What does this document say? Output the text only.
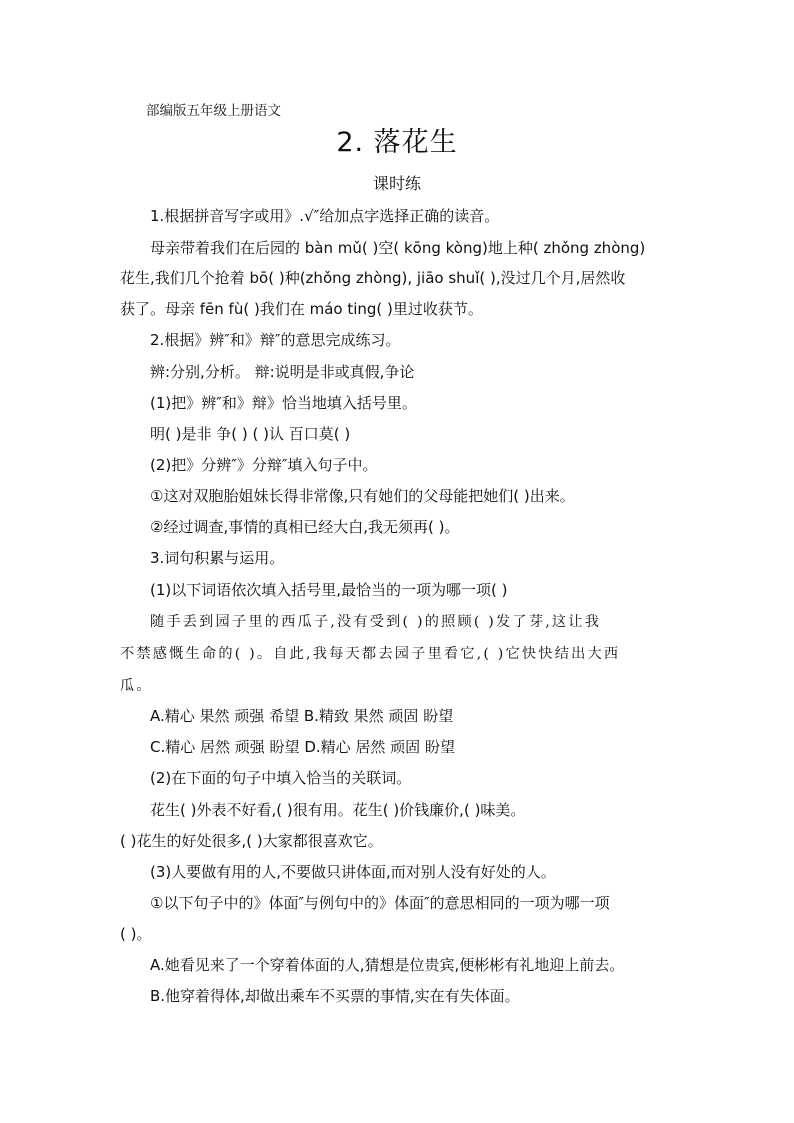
部编版五年级上册语文
2. 落花生
课时练
1.根据拼音写字或用》.√″给加点字选择正确的读音。
母亲带着我们在后园的 bàn mǔ( )空( kōng kòng)地上种( zhǒng zhòng)
花生,我们几个抢着 bō( )种(zhǒng zhòng), jiāo shuǐ( ),没过几个月,居然收
获了。母亲 fēn fù( )我们在 máo ting( )里过收获节。
2.根据》辨″和》辩″的意思完成练习。
辨:分别,分析。 辩:说明是非或真假,争论
(1)把》辨″和》辩》恰当地填入括号里。
明( )是非 争( ) ( )认 百口莫( )
(2)把》分辨″》分辩″填入句子中。
①这对双胞胎姐妹长得非常像,只有她们的父母能把她们( )出来。
②经过调查,事情的真相已经大白,我无须再( )。
3.词句积累与运用。
(1)以下词语依次填入括号里,最恰当的一项为哪一项( )
随手丢到园子里的西瓜子,没有受到( )的照顾( )发了芽,这让我
不禁感慨生命的( )。自此,我每天都去园子里看它,( )它快快结出大西
瓜。
A.精心 果然 顽强 希望 B.精致 果然 顽固 盼望
C.精心 居然 顽强 盼望 D.精心 居然 顽固 盼望
(2)在下面的句子中填入恰当的关联词。
花生( )外表不好看,( )很有用。花生( )价钱廉价,( )味美。
( )花生的好处很多,( )大家都很喜欢它。
(3)人要做有用的人,不要做只讲体面,而对别人没有好处的人。
①以下句子中的》体面″与例句中的》体面″的意思相同的一项为哪一项
( )。
A.她看见来了一个穿着体面的人,猜想是位贵宾,便彬彬有礼地迎上前去。
B.他穿着得体,却做出乘车不买票的事情,实在有失体面。
